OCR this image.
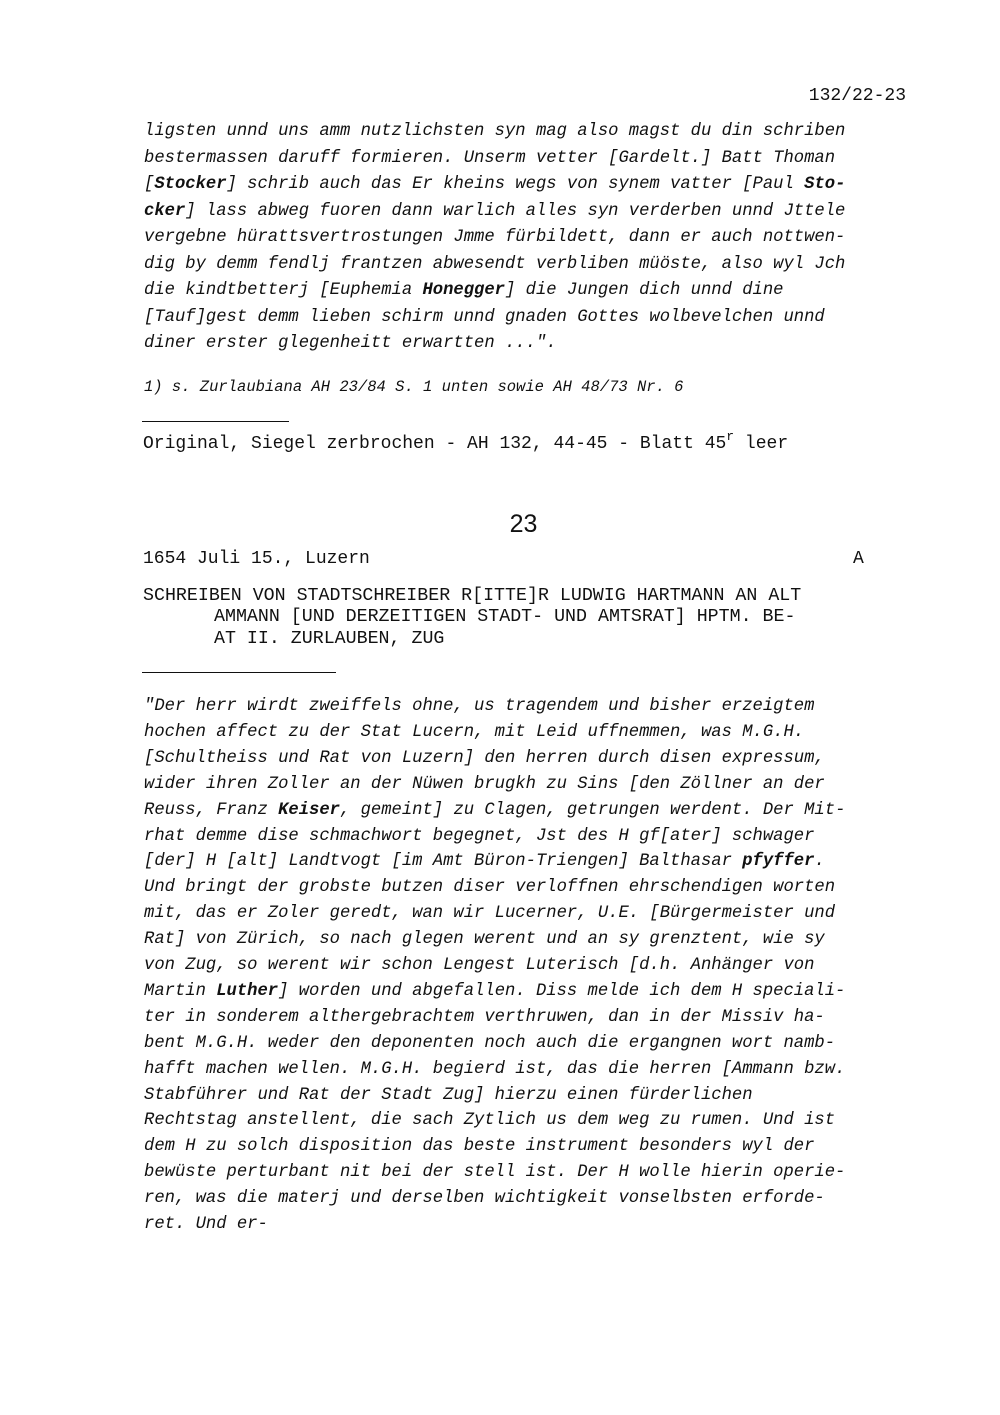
132/22-23
ligsten unnd uns amm nutzlichsten syn mag also magst du din schriben
bestermassen daruff formieren. Unserm vetter [Gardelt.] Batt Thoman
[Stocker] schrib auch das Er kheins wegs von synem vatter [Paul Sto-
cker] lass abweg fuoren dann warlich alles syn verderben unnd Jttele
vergebne hürattsvertrostungen Jmme fürbildett, dann er auch nottwen-
dig by demm fendlj frantzen abwesendt verbliben müöste, also wyl Jch
die kindtbetterj [Euphemia Honegger] die Jungen dich unnd dine
[Tauf]gest demm lieben schirm unnd gnaden Gottes wolbevelchen unnd
diner erster glegenheitt erwartten ...".
1) s. Zurlaubiana AH 23/84 S. 1 unten sowie AH 48/73 Nr. 6
Original, Siegel zerbrochen - AH 132, 44-45 - Blatt 45$^r$ leer
23
1654 Juli 15., Luzern	A
SCHREIBEN VON STADTSCHREIBER R[ITTE]R LUDWIG HARTMANN AN ALT
AMMANN [UND DERZEITIGEN STADT- UND AMTSRAT] HPTM. BE-
AT II. ZURLAUBEN, ZUG
"Der herr wirdt zweiffels ohne, us tragendem und bisher erzeigtem
hochen affect zu der Stat Lucern, mit Leid uffnemmen, was M.G.H.
[Schultheiss und Rat von Luzern] den herren durch disen expressum,
wider ihren Zoller an der Nüwen brugkh zu Sins [den Zöllner an der
Reuss, Franz Keiser, gemeint] zu Clagen, getrungen werdent. Der Mit-
rhat demme dise schmachwort begegnet, Jst des H gf[ater] schwager
[der] H [alt] Landtvogt [im Amt Büron-Triengen] Balthasar pfyffer.
Und bringt der grobste butzen diser verloffnen ehrschendigen worten
mit, das er Zoler geredt, wan wir Lucerner, U.E. [Bürgermeister und
Rat] von Zürich, so nach glegen werent und an sy grenztent, wie sy
von Zug, so werent wir schon Lengest Luterisch [d.h. Anhänger von
Martin Luther] worden und abgefallen. Diss melde ich dem H speciali-
ter in sonderem althergebrachtem verthruwen, dan in der Missiv ha-
bent M.G.H. weder den deponenten noch auch die ergangnen wort namb-
hafft machen wellen. M.G.H. begierd ist, das die herren [Ammann bzw.
Stabführer und Rat der Stadt Zug] hierzu einen fürderlichen
Rechtstag anstellent, die sach Zytlich us dem weg zu rumen. Und ist
dem H zu solch disposition das beste instrument besonders wyl der
bewüste perturbant nit bei der stell ist. Der H wolle hierin operie-
ren, was die materj und derselben wichtigkeit vonselbsten erforde-
ret. Und er-
